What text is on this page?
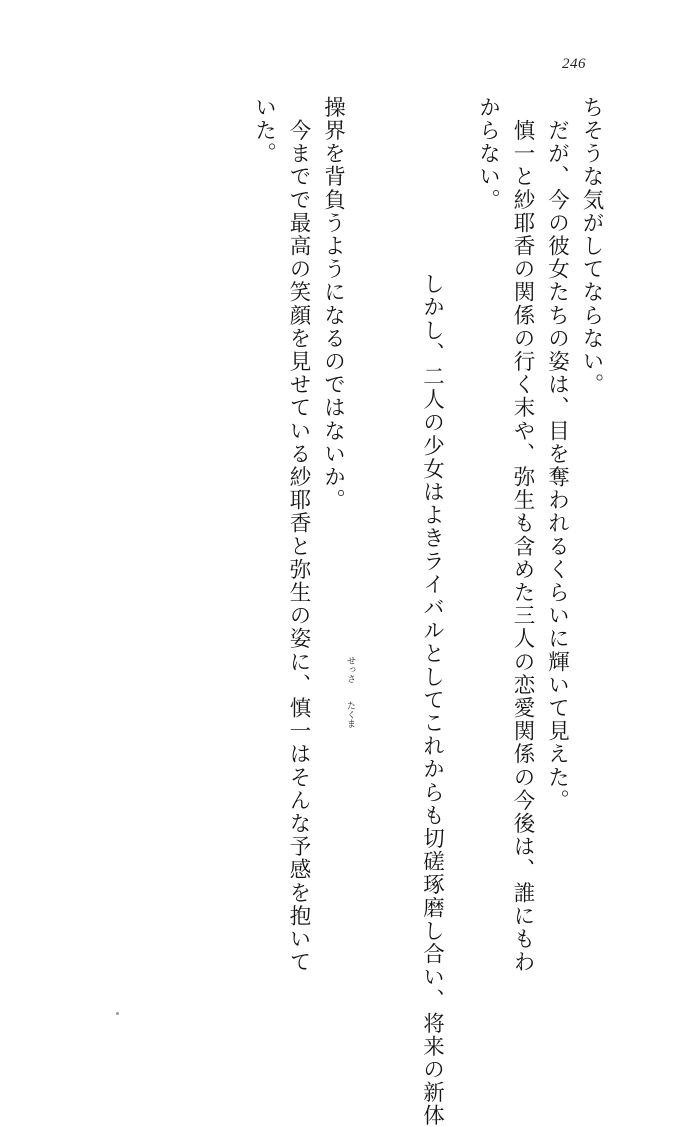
246
ちそうな気がしてならない。
　だが、今の彼女たちの姿は、目を奪われるくらいに輝いて見えた。
　慎一と紗耶香の関係の行く末や、弥生も含めた三人の恋愛関係の今後は、誰にもわ
からない。

　しかし、二人の少女はよきライバルとしてこれからも切磋琢磨し合い、将来の新体

せっさ

たくま

操界を背負うようになるのではないか。
　今までで最高の笑顔を見せている紗耶香と弥生の姿に、慎一はそんな予感を抱いて
いた。
